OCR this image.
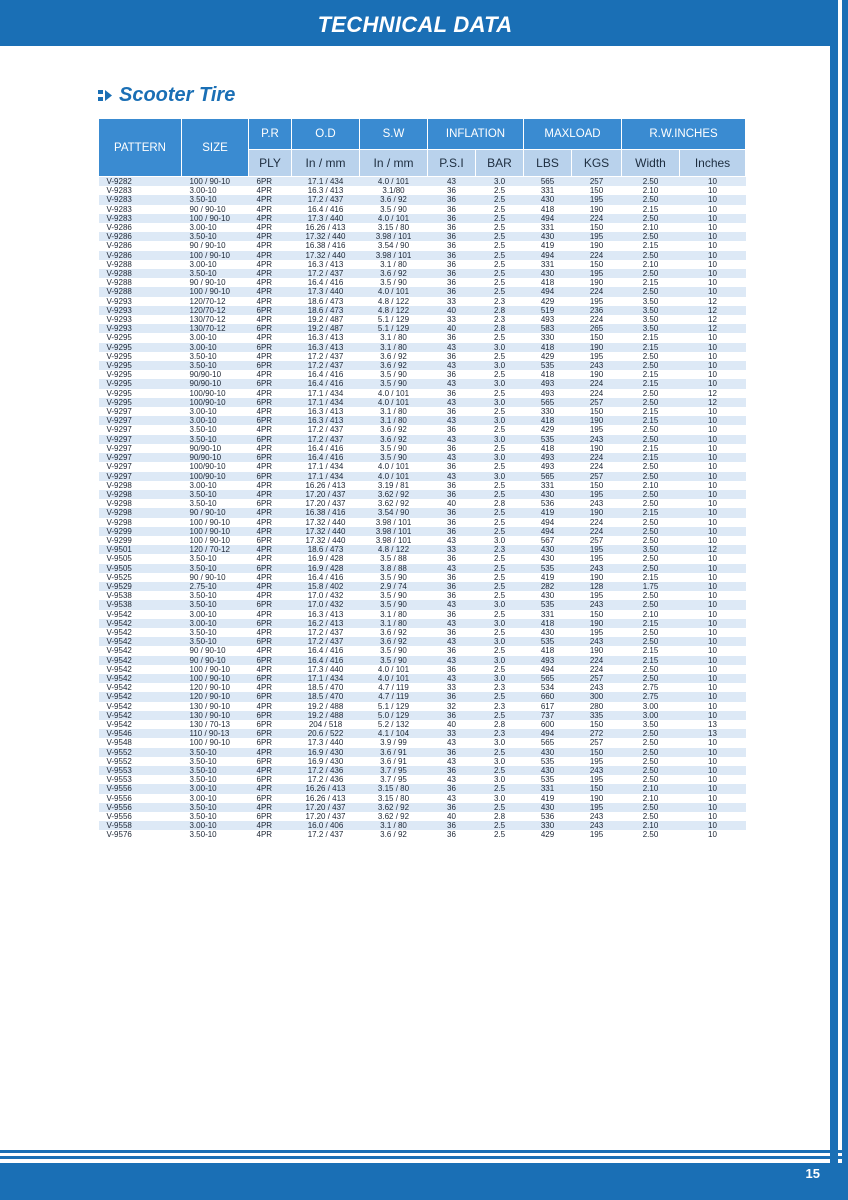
TECHNICAL DATA
Scooter Tire
PATTERN	SIZE	P.R	O.D	S.W	INFLATION		MAXLOAD		R.W.INCHES	
		PLY	In / mm	In / mm	P.S.I	BAR	LBS	KGS	Width	Inches
V-9282	100 / 90-10	6PR	17.1 / 434	4.0 / 101	43	3.0	565	257	2.50	10
V-9283	3.00-10	4PR	16.3 / 413	3.1/80	36	2.5	331	150	2.10	10
V-9283	3.50-10	4PR	17.2 / 437	3.6 / 92	36	2.5	430	195	2.50	10
V-9283	90 / 90-10	4PR	16.4 / 416	3.5 / 90	36	2.5	418	190	2.15	10
V-9283	100 / 90-10	4PR	17.3 / 440	4.0 / 101	36	2.5	494	224	2.50	10
V-9286	3.00-10	4PR	16.26 / 413	3.15 / 80	36	2.5	331	150	2.10	10
V-9286	3.50-10	4PR	17.32 / 440	3.98 / 101	36	2.5	430	195	2.50	10
V-9286	90 / 90-10	4PR	16.38 / 416	3.54 / 90	36	2.5	419	190	2.15	10
V-9286	100 / 90-10	4PR	17.32 / 440	3.98 / 101	36	2.5	494	224	2.50	10
V-9288	3.00-10	4PR	16.3 / 413	3.1 / 80	36	2.5	331	150	2.10	10
V-9288	3.50-10	4PR	17.2 / 437	3.6 / 92	36	2.5	430	195	2.50	10
V-9288	90 / 90-10	4PR	16.4 / 416	3.5 / 90	36	2.5	418	190	2.15	10
V-9288	100 / 90-10	4PR	17.3 / 440	4.0 / 101	36	2.5	494	224	2.50	10
V-9293	120/70-12	4PR	18.6 / 473	4.8 / 122	33	2.3	429	195	3.50	12
V-9293	120/70-12	6PR	18.6 / 473	4.8 / 122	40	2.8	519	236	3.50	12
V-9293	130/70-12	4PR	19.2 / 487	5.1 / 129	33	2.3	493	224	3.50	12
V-9293	130/70-12	6PR	19.2 / 487	5.1 / 129	40	2.8	583	265	3.50	12
V-9295	3.00-10	4PR	16.3 / 413	3.1 / 80	36	2.5	330	150	2.15	10
V-9295	3.00-10	6PR	16.3 / 413	3.1 / 80	43	3.0	418	190	2.15	10
V-9295	3.50-10	4PR	17.2 / 437	3.6 / 92	36	2.5	429	195	2.50	10
V-9295	3.50-10	6PR	17.2 / 437	3.6 / 92	43	3.0	535	243	2.50	10
V-9295	90/90-10	4PR	16.4 / 416	3.5 / 90	36	2.5	418	190	2.15	10
V-9295	90/90-10	6PR	16.4 / 416	3.5 / 90	43	3.0	493	224	2.15	10
V-9295	100/90-10	4PR	17.1 / 434	4.0 / 101	36	2.5	493	224	2.50	12
V-9295	100/90-10	6PR	17.1 / 434	4.0 / 101	43	3.0	565	257	2.50	12
V-9297	3.00-10	4PR	16.3 / 413	3.1 / 80	36	2.5	330	150	2.15	10
V-9297	3.00-10	6PR	16.3 / 413	3.1 / 80	43	3.0	418	190	2.15	10
V-9297	3.50-10	4PR	17.2 / 437	3.6 / 92	36	2.5	429	195	2.50	10
V-9297	3.50-10	6PR	17.2 / 437	3.6 / 92	43	3.0	535	243	2.50	10
V-9297	90/90-10	4PR	16.4 / 416	3.5 / 90	36	2.5	418	190	2.15	10
V-9297	90/90-10	6PR	16.4 / 416	3.5 / 90	43	3.0	493	224	2.15	10
V-9297	100/90-10	4PR	17.1 / 434	4.0 / 101	36	2.5	493	224	2.50	10
V-9297	100/90-10	6PR	17.1 / 434	4.0 / 101	43	3.0	565	257	2.50	10
V-9298	3.00-10	4PR	16.26 / 413	3.19 / 81	36	2.5	331	150	2.10	10
V-9298	3.50-10	4PR	17.20 / 437	3.62 / 92	36	2.5	430	195	2.50	10
V-9298	3.50-10	6PR	17.20 / 437	3.62 / 92	40	2.8	536	243	2.50	10
V-9298	90 / 90-10	4PR	16.38 / 416	3.54 / 90	36	2.5	419	190	2.15	10
V-9298	100 / 90-10	4PR	17.32 / 440	3.98 / 101	36	2.5	494	224	2.50	10
V-9299	100 / 90-10	4PR	17.32 / 440	3.98 / 101	36	2.5	494	224	2.50	10
V-9299	100 / 90-10	6PR	17.32 / 440	3.98 / 101	43	3.0	567	257	2.50	10
V-9501	120 / 70-12	4PR	18.6 / 473	4.8 / 122	33	2.3	430	195	3.50	12
V-9505	3.50-10	4PR	16.9 / 428	3.5 / 88	36	2.5	430	195	2.50	10
V-9505	3.50-10	6PR	16.9 / 428	3.8 / 88	43	2.5	535	243	2.50	10
V-9525	90 / 90-10	4PR	16.4 / 416	3.5 / 90	36	2.5	419	190	2.15	10
V-9529	2.75-10	4PR	15.8 / 402	2.9 / 74	36	2.5	282	128	1.75	10
V-9538	3.50-10	4PR	17.0 / 432	3.5 / 90	36	2.5	430	195	2.50	10
V-9538	3.50-10	6PR	17.0 / 432	3.5 / 90	43	3.0	535	243	2.50	10
V-9542	3.00-10	4PR	16.3 / 413	3.1 / 80	36	2.5	331	150	2.10	10
V-9542	3.00-10	6PR	16.2 / 413	3.1 / 80	43	3.0	418	190	2.15	10
V-9542	3.50-10	4PR	17.2 / 437	3.6 / 92	36	2.5	430	195	2.50	10
V-9542	3.50-10	6PR	17.2 / 437	3.6 / 92	43	3.0	535	243	2.50	10
V-9542	90 / 90-10	4PR	16.4 / 416	3.5 / 90	36	2.5	418	190	2.15	10
V-9542	90 / 90-10	6PR	16.4 / 416	3.5 / 90	43	3.0	493	224	2.15	10
V-9542	100 / 90-10	4PR	17.3 / 440	4.0 / 101	36	2.5	494	224	2.50	10
V-9542	100 / 90-10	6PR	17.1 / 434	4.0 / 101	43	3.0	565	257	2.50	10
V-9542	120 / 90-10	4PR	18.5 / 470	4.7 / 119	33	2.3	534	243	2.75	10
V-9542	120 / 90-10	6PR	18.5 / 470	4.7 / 119	36	2.5	660	300	2.75	10
V-9542	130 / 90-10	4PR	19.2 / 488	5.1 / 129	32	2.3	617	280	3.00	10
V-9542	130 / 90-10	6PR	19.2 / 488	5.0 / 129	36	2.5	737	335	3.00	10
V-9542	130 / 70-13	6PR	204 / 518	5.2 / 132	40	2.8	600	150	3.50	13
V-9546	110 / 90-13	6PR	20.6 / 522	4.1 / 104	33	2.3	494	272	2.50	13
V-9548	100 / 90-10	6PR	17.3 / 440	3.9 / 99	43	3.0	565	257	2.50	10
V-9552	3.50-10	4PR	16.9 / 430	3.6 / 91	36	2.5	430	150	2.50	10
V-9552	3.50-10	6PR	16.9 / 430	3.6 / 91	43	3.0	535	195	2.50	10
V-9553	3.50-10	4PR	17.2 / 436	3.7 / 95	36	2.5	430	243	2.50	10
V-9553	3.50-10	6PR	17.2 / 436	3.7 / 95	43	3.0	535	195	2.50	10
V-9556	3.00-10	4PR	16.26 / 413	3.15 / 80	36	2.5	331	150	2.10	10
V-9556	3.00-10	6PR	16.26 / 413	3.15 / 80	43	3.0	419	190	2.10	10
V-9556	3.50-10	4PR	17.20 / 437	3.62 / 92	36	2.5	430	195	2.50	10
V-9556	3.50-10	6PR	17.20 / 437	3.62 / 92	40	2.8	536	243	2.50	10
V-9558	3.00-10	4PR	16.0 / 406	3.1 / 80	36	2.5	330	243	2.10	10
V-9576	3.50-10	4PR	17.2 / 437	3.6 / 92	36	2.5	429	195	2.50	10
15
